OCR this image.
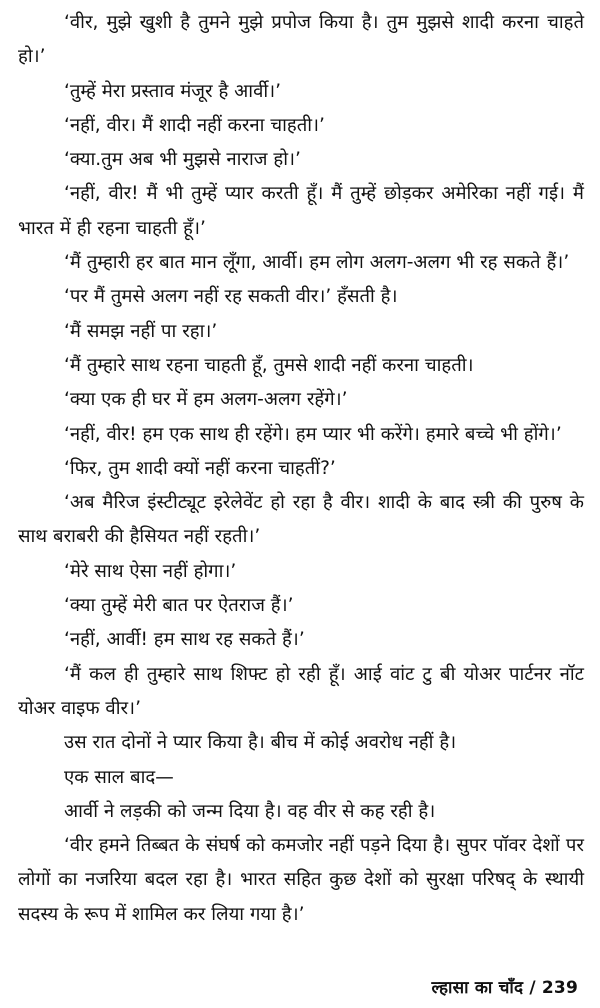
‘वीर, मुझे खुशी है तुमने मुझे प्रपोज किया है। तुम मुझसे शादी करना चाहते हो।’

‘तुम्हें मेरा प्रस्ताव मंजूर है आर्वी।’

‘नहीं, वीर। मैं शादी नहीं करना चाहती।’

‘क्या.तुम अब भी मुझसे नाराज हो।’

‘नहीं, वीर! मैं भी तुम्हें प्यार करती हूँ। मैं तुम्हें छोड़कर अमेरिका नहीं गई। मैं भारत में ही रहना चाहती हूँ।’

‘मैं तुम्हारी हर बात मान लूँगा, आर्वी। हम लोग अलग-अलग भी रह सकते हैं।’

‘पर मैं तुमसे अलग नहीं रह सकती वीर।’ हँसती है।

‘मैं समझ नहीं पा रहा।’

‘मैं तुम्हारे साथ रहना चाहती हूँ, तुमसे शादी नहीं करना चाहती।

‘क्या एक ही घर में हम अलग-अलग रहेंगे।’

‘नहीं, वीर! हम एक साथ ही रहेंगे। हम प्यार भी करेंगे। हमारे बच्चे भी होंगे।’

‘फिर, तुम शादी क्यों नहीं करना चाहतीं?’

‘अब मैरिज इंस्टीट्यूट इरेलेवेंट हो रहा है वीर। शादी के बाद स्त्री की पुरुष के साथ बराबरी की हैसियत नहीं रहती।’

‘मेरे साथ ऐसा नहीं होगा।’

‘क्या तुम्हें मेरी बात पर ऐतराज हैं।’

‘नहीं, आर्वी! हम साथ रह सकते हैं।’

‘मैं कल ही तुम्हारे साथ शिफ्ट हो रही हूँ। आई वांट टु बी योअर पार्टनर नॉट योअर वाइफ वीर।’

उस रात दोनों ने प्यार किया है। बीच में कोई अवरोध नहीं है।

एक साल बाद—

आर्वी ने लड़की को जन्म दिया है। वह वीर से कह रही है।

‘वीर हमने तिब्बत के संघर्ष को कमजोर नहीं पड़ने दिया है। सुपर पॉवर देशों पर लोगों का नजरिया बदल रहा है। भारत सहित कुछ देशों को सुरक्षा परिषद् के स्थायी सदस्य के रूप में शामिल कर लिया गया है।’

ल्हासा का चाँद / 239
